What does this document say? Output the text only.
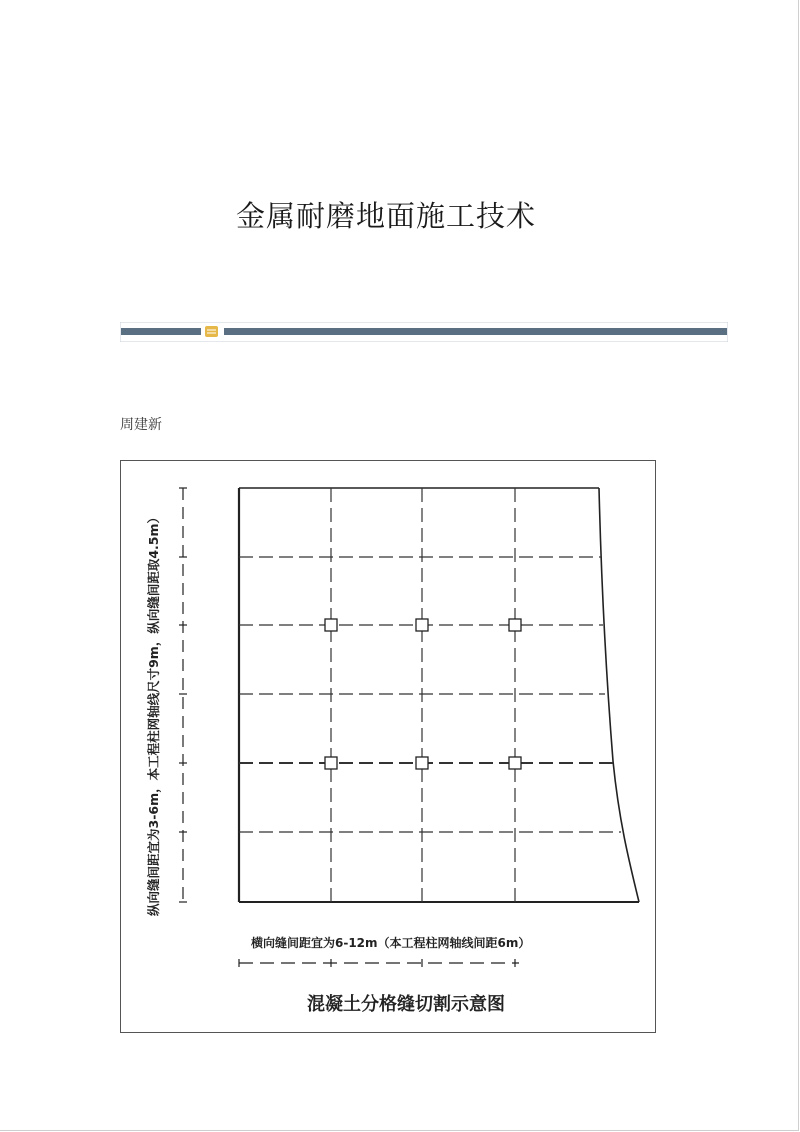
金属耐磨地面施工技术
周建新
纵向缝间距宜为3-6m，本工程柱网轴线尺寸9m，纵向缝间距取4.5m）
横向缝间距宜为6-12m（本工程柱网轴线间距6m）
混凝土分格缝切割示意图
